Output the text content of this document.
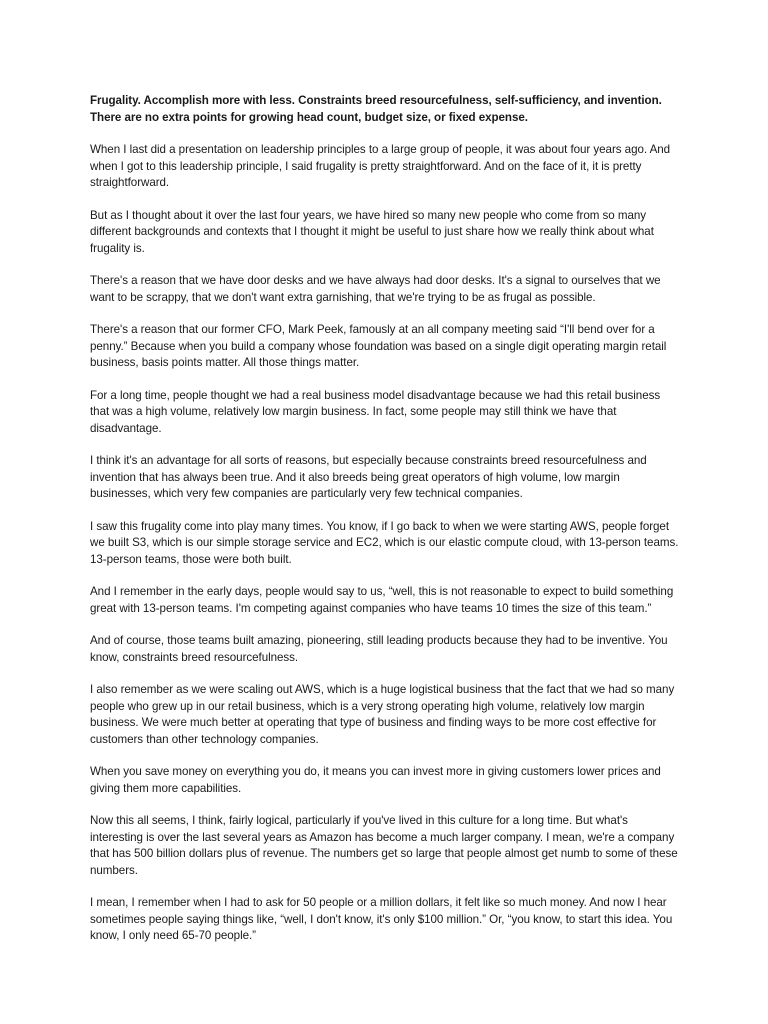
Frugality. Accomplish more with less. Constraints breed resourcefulness, self-sufficiency, and invention. There are no extra points for growing head count, budget size, or fixed expense.

When I last did a presentation on leadership principles to a large group of people, it was about four years ago. And when I got to this leadership principle, I said frugality is pretty straightforward. And on the face of it, it is pretty straightforward.

But as I thought about it over the last four years, we have hired so many new people who come from so many different backgrounds and contexts that I thought it might be useful to just share how we really think about what frugality is.

There's a reason that we have door desks and we have always had door desks. It's a signal to ourselves that we want to be scrappy, that we don't want extra garnishing, that we're trying to be as frugal as possible.

There's a reason that our former CFO, Mark Peek, famously at an all company meeting said “I'll bend over for a penny.” Because when you build a company whose foundation was based on a single digit operating margin retail business, basis points matter. All those things matter.

For a long time, people thought we had a real business model disadvantage because we had this retail business that was a high volume, relatively low margin business. In fact, some people may still think we have that disadvantage.

I think it's an advantage for all sorts of reasons, but especially because constraints breed resourcefulness and invention that has always been true. And it also breeds being great operators of high volume, low margin businesses, which very few companies are particularly very few technical companies.

I saw this frugality come into play many times. You know, if I go back to when we were starting AWS, people forget we built S3, which is our simple storage service and EC2, which is our elastic compute cloud, with 13-person teams. 13-person teams, those were both built.

And I remember in the early days, people would say to us, “well, this is not reasonable to expect to build something great with 13-person teams. I'm competing against companies who have teams 10 times the size of this team.”

And of course, those teams built amazing, pioneering, still leading products because they had to be inventive. You know, constraints breed resourcefulness.

I also remember as we were scaling out AWS, which is a huge logistical business that the fact that we had so many people who grew up in our retail business, which is a very strong operating high volume, relatively low margin business. We were much better at operating that type of business and finding ways to be more cost effective for customers than other technology companies.

When you save money on everything you do, it means you can invest more in giving customers lower prices and giving them more capabilities.

Now this all seems, I think, fairly logical, particularly if you've lived in this culture for a long time. But what's interesting is over the last several years as Amazon has become a much larger company. I mean, we're a company that has 500 billion dollars plus of revenue. The numbers get so large that people almost get numb to some of these numbers.

I mean, I remember when I had to ask for 50 people or a million dollars, it felt like so much money. And now I hear sometimes people saying things like, “well, I don't know, it's only $100 million.” Or, “you know, to start this idea. You know, I only need 65-70 people.”
